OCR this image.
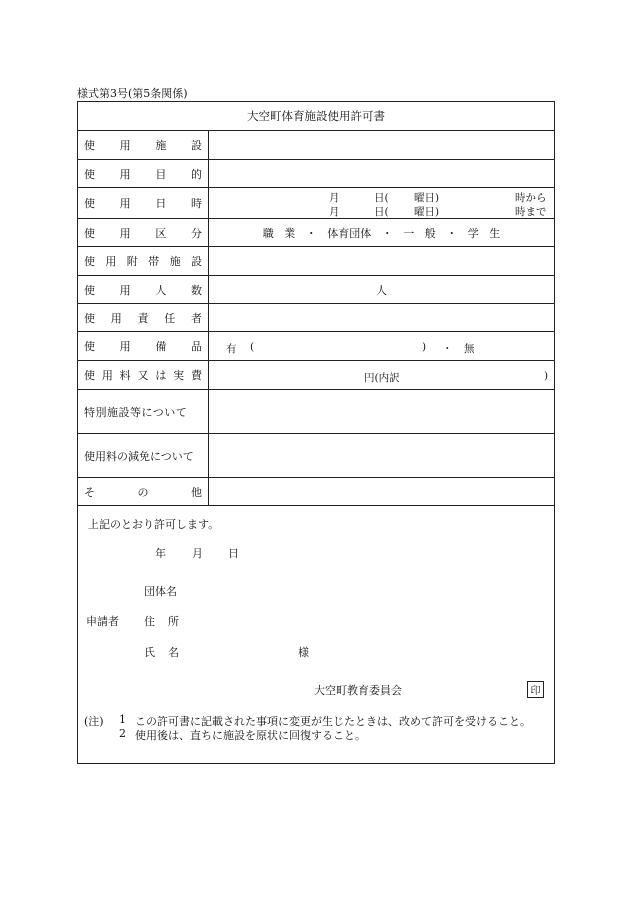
様式第3号(第5条関係)
大空町体育施設使用許可書
使 用 施 設
使 用 目 的
使 用 日 時	月	日( 曜日)	時から
月	日( 曜日)	時まで
使 用 区 分	職 業 ・ 体育団体 ・ 一 般 ・ 学 生
使 用 附 帯 施 設
使 用 人 数	人
使 用 責 任 者
使 用 備 品 有 (	) ・ 無
使 用 料 又 は 実 費	円(内訳	)
特別施設等について
使用料の減免について
そ	の	他
上記のとおり許可します。
年 月 日
団体名
申請者 住 所
氏 名	様
大空町教育委員会	印
(注) 1 この許可書に記載された事項に変更が生じたときは、改めて許可を受けること。
2 使用後は、直ちに施設を原状に回復すること。
